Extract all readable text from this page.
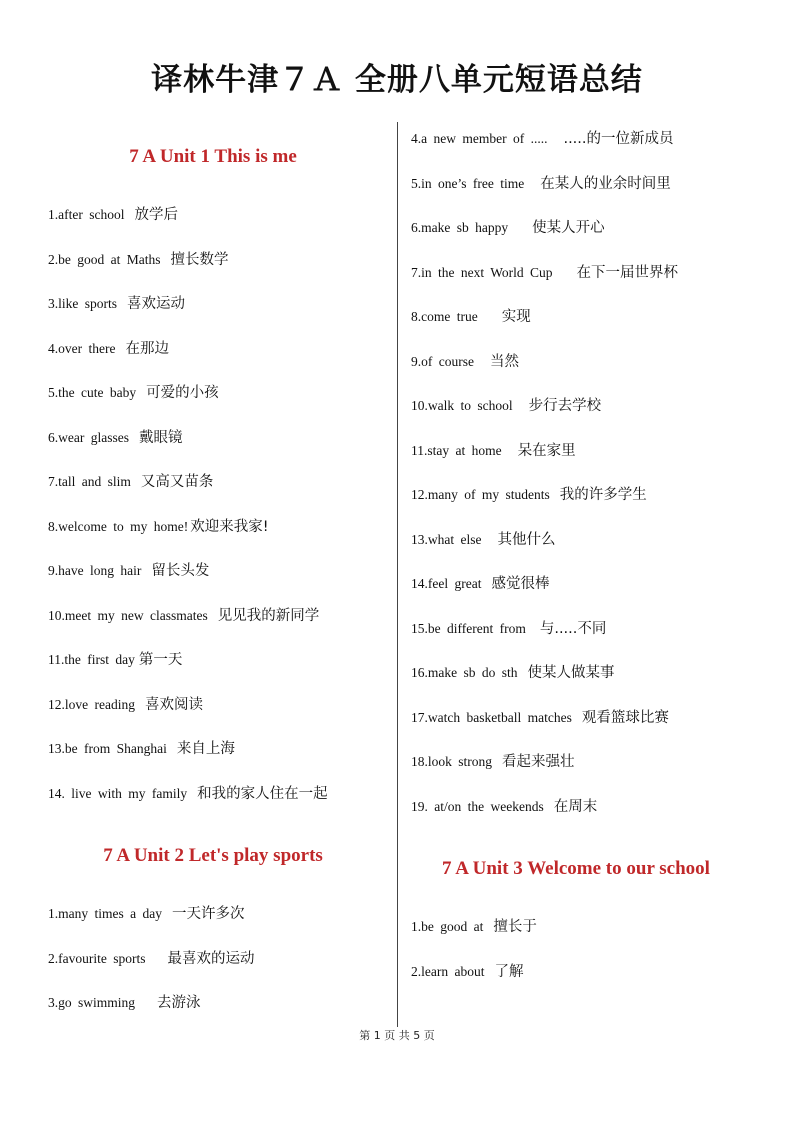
译林牛津７Ａ 全册八单元短语总结
7 A Unit 1 This is me
1.after school 放学后
2.be good at Maths 擅长数学
3.like sports 喜欢运动
4.over there 在那边
5.the cute baby 可爱的小孩
6.wear glasses 戴眼镜
7.tall and slim 又高又苗条
8.welcome to my home! 欢迎来我家!
9.have long hair 留长头发
10.meet my new classmates 见见我的新同学
11.the first day 第一天
12.love reading 喜欢阅读
13.be from Shanghai 来自上海
14. live with my family 和我的家人住在一起
7 A Unit 2 Let's play sports
1.many times a day 一天许多次
2.favourite sports 最喜欢的运动
3.go swimming 去游泳
4.a new member of ..... .....的一位新成员
5.in one’s free time 在某人的业余时间里
6.make sb happy 使某人开心
7.in the next World Cup 在下一届世界杯
8.come true 实现
9.of course 当然
10.walk to school 步行去学校
11.stay at home 呆在家里
12.many of my students 我的许多学生
13.what else 其他什么
14.feel great 感觉很棒
15.be different from 与.....不同
16.make sb do sth 使某人做某事
17.watch basketball matches 观看篮球比赛
18.look strong 看起来强壮
19. at/on the weekends 在周末
7 A Unit 3 Welcome to our school
1.be good at 擅长于
2.learn about 了解
第 1 页 共 5 页
